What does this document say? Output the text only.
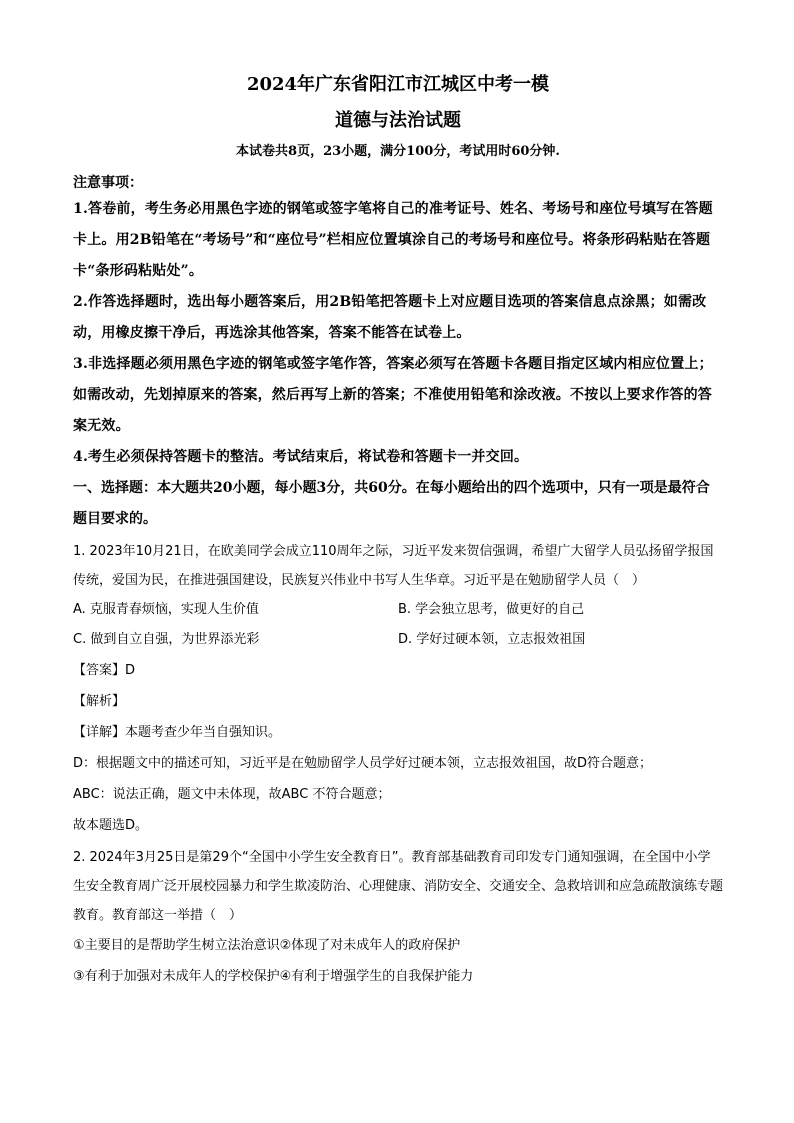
2024年广东省阳江市江城区中考一模
道德与法治试题

本试卷共8页，23小题，满分100分，考试用时60分钟.

注意事项：

1.答卷前，考生务必用黑色字迹的钢笔或签字笔将自己的准考证号、姓名、考场号和座位号填写在答题卡上。用2B铅笔在“考场号”和“座位号”栏相应位置填涂自己的考场号和座位号。将条形码粘贴在答题卡“条形码粘贴处”。

2.作答选择题时，选出每小题答案后，用2B铅笔把答题卡上对应题目选项的答案信息点涂黑；如需改动，用橡皮擦干净后，再选涂其他答案，答案不能答在试卷上。

3.非选择题必须用黑色字迹的钢笔或签字笔作答，答案必须写在答题卡各题目指定区域内相应位置上；如需改动，先划掉原来的答案，然后再写上新的答案；不准使用铅笔和涂改液。不按以上要求作答的答案无效。

4.考生必须保持答题卡的整洁。考试结束后，将试卷和答题卡一并交回。

一、选择题：本大题共20小题，每小题3分，共60分。在每小题给出的四个选项中，只有一项是最符合题目要求的。

1. 2023年10月21日，在欧美同学会成立110周年之际，习近平发来贺信强调，希望广大留学人员弘扬留学报国传统，爱国为民，在推进强国建设，民族复兴伟业中书写人生华章。习近平是在勉励留学人员（　）

A. 克服青春烦恼，实现人生价值	B. 学会独立思考，做更好的自己
C. 做到自立自强，为世界添光彩	D. 学好过硬本领，立志报效祖国

【答案】D

【解析】

【详解】本题考查少年当自强知识。

D：根据题文中的描述可知，习近平是在勉励留学人员学好过硬本领，立志报效祖国，故D符合题意；

ABC：说法正确，题文中未体现，故ABC 不符合题意；

故本题选D。

2. 2024年3月25日是第29个“全国中小学生安全教育日”。教育部基础教育司印发专门通知强调，在全国中小学生安全教育周广泛开展校园暴力和学生欺凌防治、心理健康、消防安全、交通安全、急救培训和应急疏散演练专题教育。教育部这一举措（　）

①主要目的是帮助学生树立法治意识②体现了对未成年人的政府保护

③有利于加强对未成年人的学校保护④有利于增强学生的自我保护能力
